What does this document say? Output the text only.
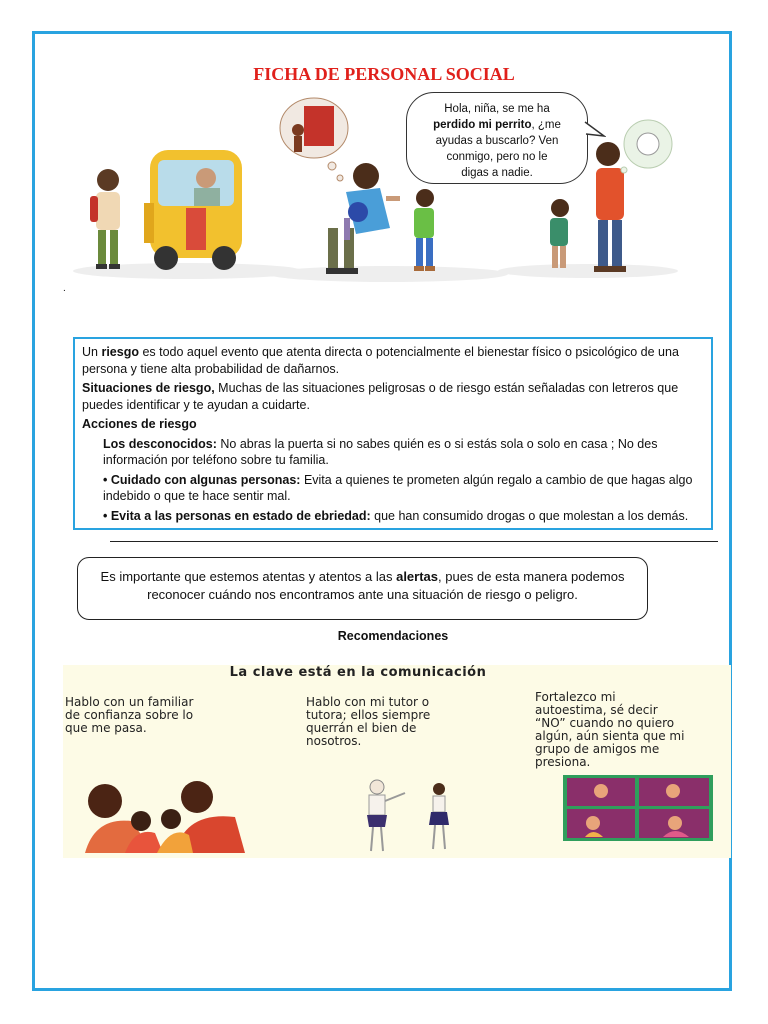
FICHA DE PERSONAL SOCIAL
Hola, niña, se me ha
perdido mi perrito, ¿me
ayudas a buscarlo? Ven
conmigo, pero no le
digas a nadie.
.

Un riesgo es todo aquel evento que atenta directa o potencialmente el bienestar físico o psicológico de una persona y tiene alta probabilidad de dañarnos.

Situaciones de riesgo, Muchas de las situaciones peligrosas o de riesgo están señaladas con letreros que puedes identificar y te ayudan a cuidarte.

Acciones de riesgo

Los desconocidos: No abras la puerta si no sabes quién es o si estás sola o solo en casa ; No des información por teléfono sobre tu familia.

• Cuidado con algunas personas: Evita a quienes te prometen algún regalo a cambio de que hagas algo indebido o que te hace sentir mal.

• Evita a las personas en estado de ebriedad: que han consumido drogas o que molestan a los demás.

Es importante que estemos atentas y atentos a las alertas, pues de esta manera podemos reconocer cuándo nos encontramos ante una situación de riesgo o peligro.
Recomendaciones
La clave está en la comunicación
Hablo con un familiar
de confianza sobre lo
que me pasa.
Hablo con mi tutor o
tutora; ellos siempre
querrán el bien de
nosotros.
Fortalezco mi
autoestima, sé decir
“NO” cuando no quiero
algún, aún sienta que mi
grupo de amigos me
presiona.
